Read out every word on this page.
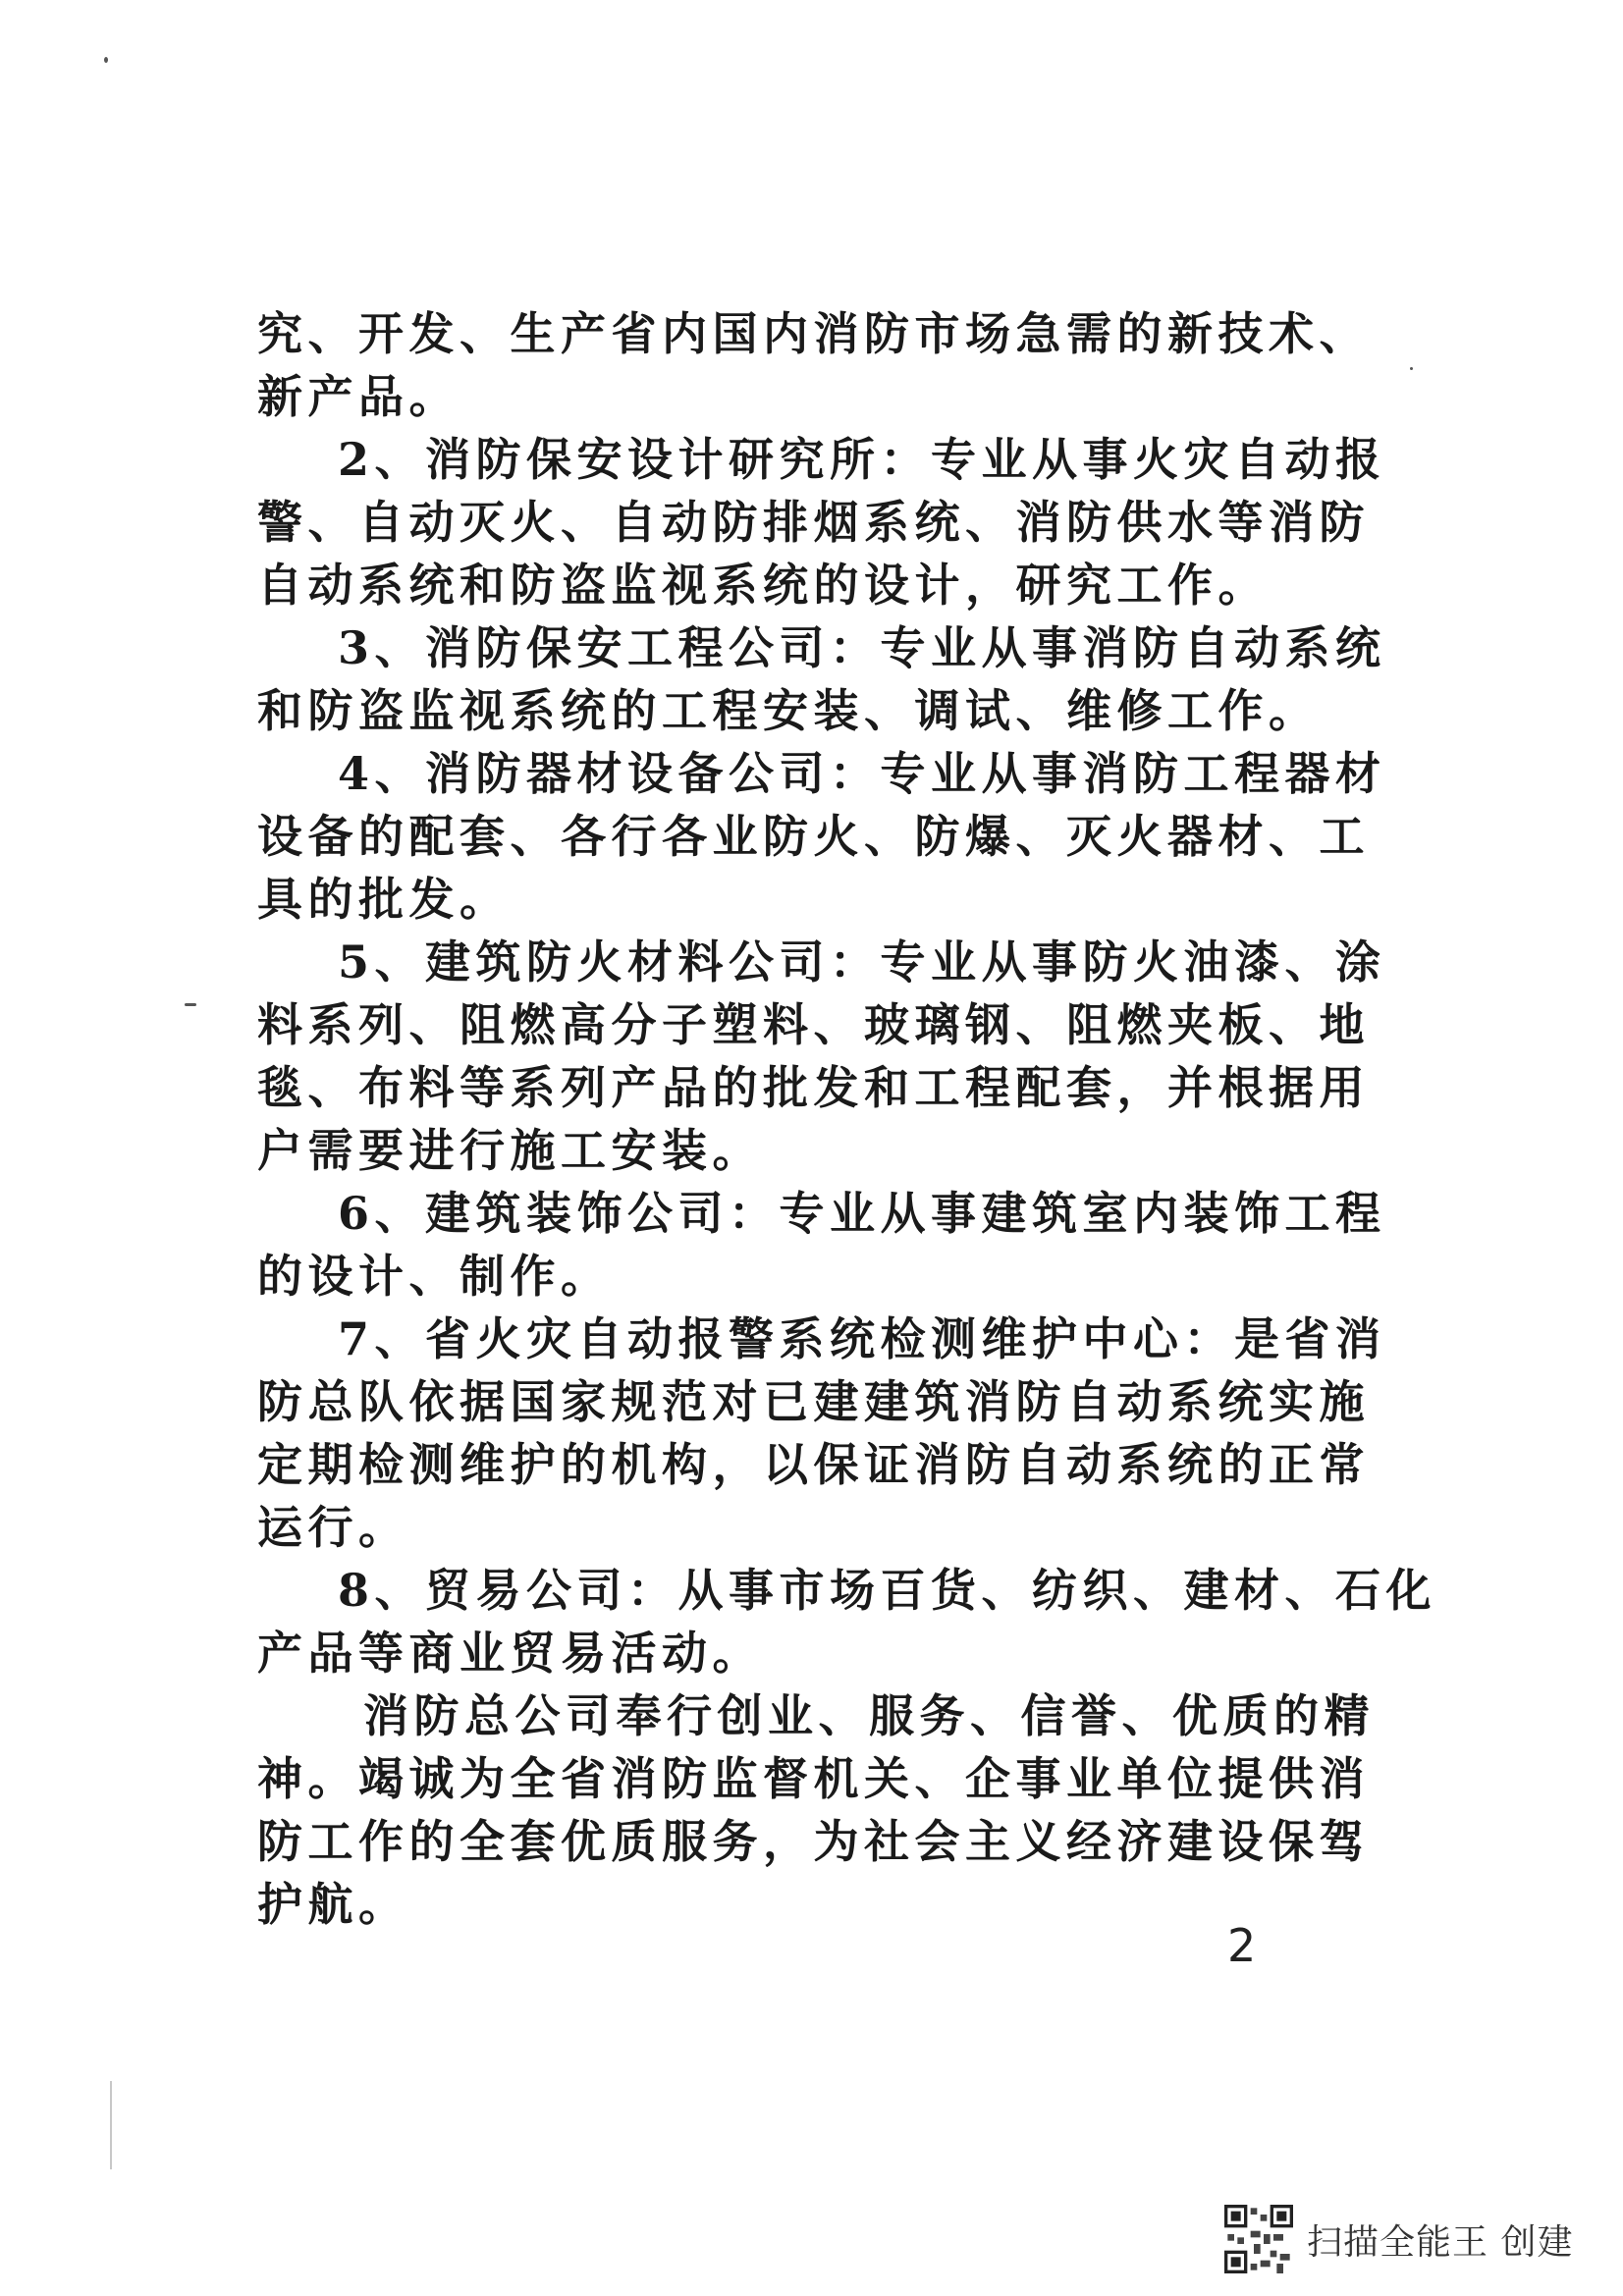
究、开发、生产省内国内消防市场急需的新技术、
新产品。
2、消防保安设计研究所：专业从事火灾自动报
警、自动灭火、自动防排烟系统、消防供水等消防
自动系统和防盗监视系统的设计，研究工作。
3、消防保安工程公司：专业从事消防自动系统
和防盗监视系统的工程安装、调试、维修工作。
4、消防器材设备公司：专业从事消防工程器材
设备的配套、各行各业防火、防爆、灭火器材、工
具的批发。
5、建筑防火材料公司：专业从事防火油漆、涂
料系列、阻燃高分子塑料、玻璃钢、阻燃夹板、地
毯、布料等系列产品的批发和工程配套，并根据用
户需要进行施工安装。
6、建筑装饰公司：专业从事建筑室内装饰工程
的设计、制作。
7、省火灾自动报警系统检测维护中心：是省消
防总队依据国家规范对已建建筑消防自动系统实施
定期检测维护的机构，以保证消防自动系统的正常
运行。
8、贸易公司：从事市场百货、纺织、建材、石化
产品等商业贸易活动。
消防总公司奉行创业、服务、信誉、优质的精
神。竭诚为全省消防监督机关、企事业单位提供消
防工作的全套优质服务，为社会主义经济建设保驾
护航。
2
扫描全能王 创建
